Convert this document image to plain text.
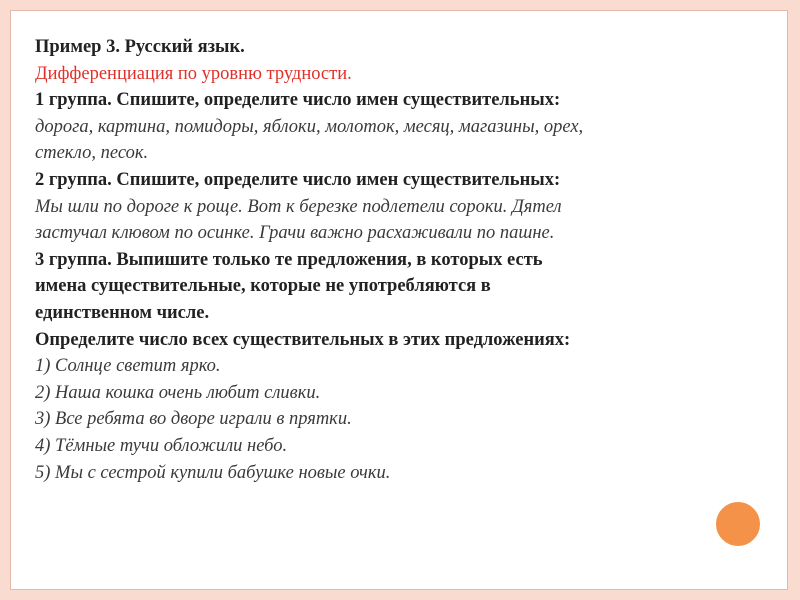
Пример 3. Русский язык.
Дифференциация по уровню трудности.
1 группа. Спишите, определите число имен существительных:
дорога, картина, помидоры, яблоки, молоток, месяц, магазины, орех,
стекло, песок.
2 группа. Спишите, определите число имен существительных:
Мы шли по дороге к роще. Вот к березке подлетели сороки. Дятел
застучал клювом по осинке. Грачи важно расхаживали по пашне.
3 группа. Выпишите только те предложения, в которых есть
имена существительные, которые не употребляются в
единственном числе.
Определите число всех существительных в этих предложениях:
1) Солнце светит ярко.
2) Наша кошка очень любит сливки.
3) Все ребята во дворе играли в прятки.
4) Тёмные тучи обложили небо.
5) Мы с сестрой купили бабушке новые очки.
